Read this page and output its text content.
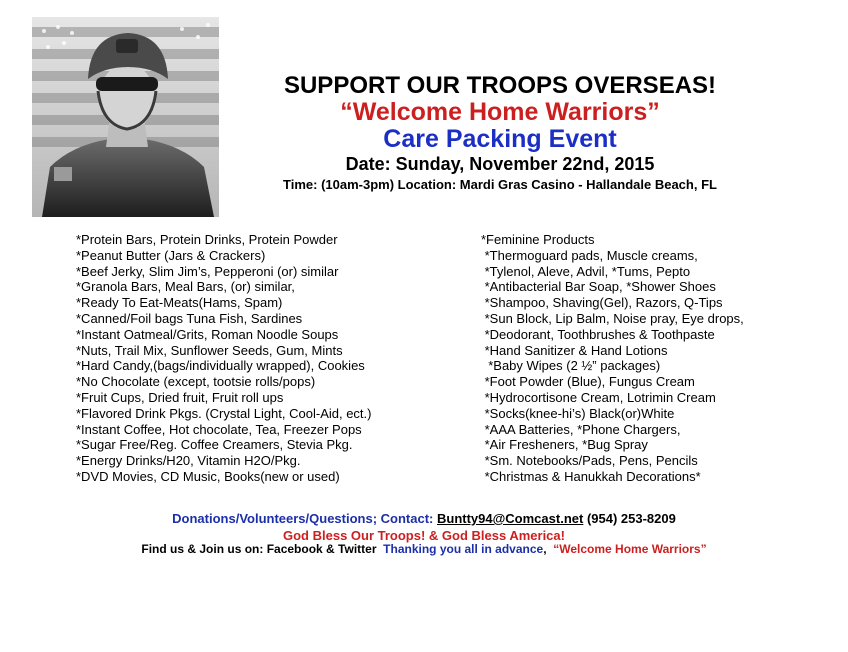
SUPPORT OUR TROOPS OVERSEAS!
“Welcome Home Warriors”
Care Packing Event
Date: Sunday, November 22nd, 2015
Time: (10am-3pm) Location: Mardi Gras Casino - Hallandale Beach, FL
*Protein Bars, Protein Drinks, Protein Powder
*Peanut Butter (Jars & Crackers)
*Beef Jerky, Slim Jim’s, Pepperoni (or) similar
*Granola Bars, Meal Bars, (or) similar,
*Ready To Eat-Meats(Hams, Spam)
*Canned/Foil bags Tuna Fish, Sardines
*Instant Oatmeal/Grits, Roman Noodle Soups
*Nuts, Trail Mix, Sunflower Seeds, Gum, Mints
*Hard Candy,(bags/individually wrapped), Cookies
*No Chocolate (except, tootsie rolls/pops)
*Fruit Cups, Dried fruit, Fruit roll ups
*Flavored Drink Pkgs. (Crystal Light, Cool-Aid, ect.)
*Instant Coffee, Hot chocolate, Tea, Freezer Pops
*Sugar Free/Reg. Coffee Creamers, Stevia Pkg.
*Energy Drinks/H20, Vitamin H2O/Pkg.
*DVD Movies, CD Music, Books(new or used)
*Feminine Products
*Thermoguard pads, Muscle creams,
*Tylenol, Aleve, Advil, *Tums, Pepto
*Antibacterial Bar Soap, *Shower Shoes
*Shampoo, Shaving(Gel), Razors, Q-Tips
*Sun Block, Lip Balm, Noise pray, Eye drops,
*Deodorant, Toothbrushes & Toothpaste
*Hand Sanitizer & Hand Lotions
*Baby Wipes (2 ½” packages)
*Foot Powder (Blue), Fungus Cream
*Hydrocortisone Cream, Lotrimin Cream
*Socks(knee-hi’s) Black(or)White
*AAA Batteries, *Phone Chargers,
*Air Fresheners, *Bug Spray
*Sm. Notebooks/Pads, Pens, Pencils
*Christmas & Hanukkah Decorations*
Donations/Volunteers/Questions; Contact: Buntty94@Comcast.net (954) 253-8209
God Bless Our Troops! & God Bless America!
Find us & Join us on: Facebook & Twitter  Thanking you all in advance,  “Welcome Home Warriors”
